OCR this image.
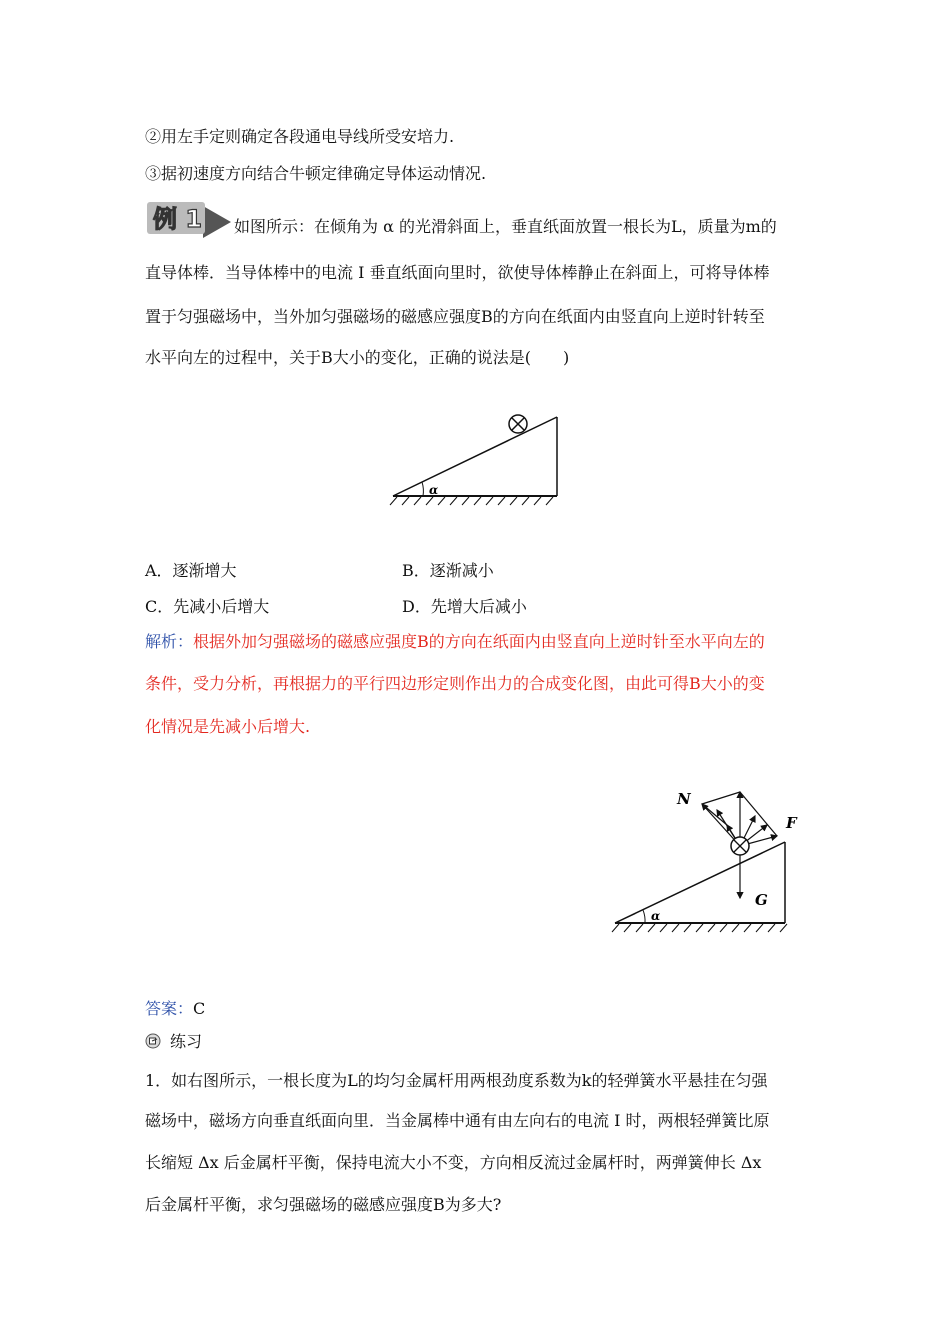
②用左手定则确定各段通电导线所受安培力.
③据初速度方向结合牛顿定律确定导体运动情况.
例 1 如图所示：在倾角为 α 的光滑斜面上，垂直纸面放置一根长为L，质量为m的
直导体棒．当导体棒中的电流 I 垂直纸面向里时，欲使导体棒静止在斜面上，可将导体棒
置于匀强磁场中，当外加匀强磁场的磁感应强度B的方向在纸面内由竖直向上逆时针转至
水平向左的过程中，关于B大小的变化，正确的说法是(　　)
α
A．逐渐增大	B．逐渐减小
C．先减小后增大	D．先增大后减小
解析：根据外加匀强磁场的磁感应强度B的方向在纸面内由竖直向上逆时针至水平向左的
条件，受力分析，再根据力的平行四边形定则作出力的合成变化图，由此可得B大小的变
化情况是先减小后增大.
α
N
F
G
答案：C
练习
1．如右图所示，一根长度为L的均匀金属杆用两根劲度系数为k的轻弹簧水平悬挂在匀强
磁场中，磁场方向垂直纸面向里．当金属棒中通有由左向右的电流 I 时，两根轻弹簧比原
长缩短 Δx 后金属杆平衡，保持电流大小不变，方向相反流过金属杆时，两弹簧伸长 Δx
后金属杆平衡，求匀强磁场的磁感应强度B为多大?
